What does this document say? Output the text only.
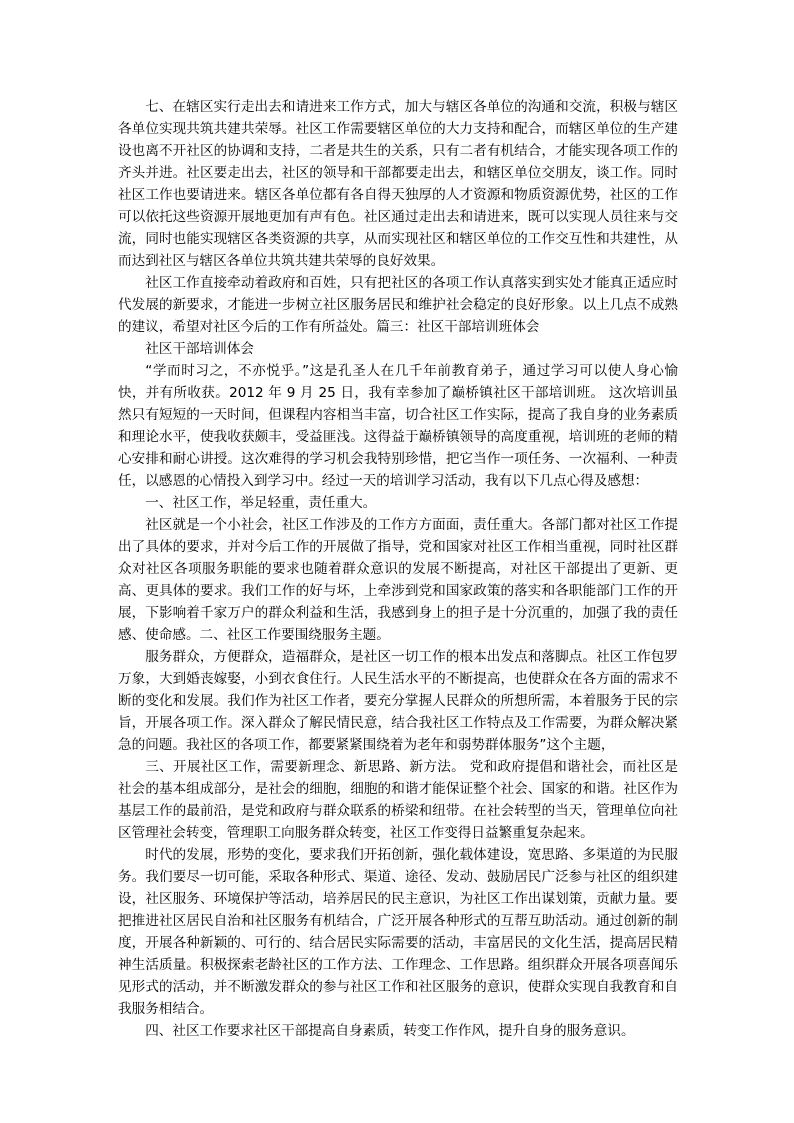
七、在辖区实行走出去和请进来工作方式，加大与辖区各单位的沟通和交流，积极与辖区各单位实现共筑共建共荣辱。社区工作需要辖区单位的大力支持和配合，而辖区单位的生产建设也离不开社区的协调和支持，二者是共生的关系，只有二者有机结合，才能实现各项工作的齐头并进。社区要走出去，社区的领导和干部都要走出去，和辖区单位交朋友，谈工作。同时社区工作也要请进来。辖区各单位都有各自得天独厚的人才资源和物质资源优势，社区的工作可以依托这些资源开展地更加有声有色。社区通过走出去和请进来，既可以实现人员往来与交流，同时也能实现辖区各类资源的共享，从而实现社区和辖区单位的工作交互性和共建性，从而达到社区与辖区各单位共筑共建共荣辱的良好效果。

社区工作直接牵动着政府和百姓，只有把社区的各项工作认真落实到实处才能真正适应时代发展的新要求，才能进一步树立社区服务居民和维护社会稳定的良好形象。以上几点不成熟的建议，希望对社区今后的工作有所益处。篇三：社区干部培训班体会

社区干部培训体会

“学而时习之，不亦悦乎。”这是孔圣人在几千年前教育弟子，通过学习可以使人身心愉快，并有所收获。2012 年 9 月 25 日，我有幸参加了巅桥镇社区干部培训班。 这次培训虽然只有短短的一天时间，但课程内容相当丰富，切合社区工作实际，提高了我自身的业务素质和理论水平，使我收获颇丰，受益匪浅。这得益于巅桥镇领导的高度重视，培训班的老师的精心安排和耐心讲授。这次难得的学习机会我特别珍惜，把它当作一项任务、一次福利、一种责任，以感恩的心情投入到学习中。经过一天的培训学习活动，我有以下几点心得及感想：

一、社区工作，举足轻重，责任重大。

社区就是一个小社会，社区工作涉及的工作方方面面，责任重大。各部门都对社区工作提出了具体的要求，并对今后工作的开展做了指导，党和国家对社区工作相当重视，同时社区群众对社区各项服务职能的要求也随着群众意识的发展不断提高，对社区干部提出了更新、更高、更具体的要求。我们工作的好与坏，上牵涉到党和国家政策的落实和各职能部门工作的开展，下影响着千家万户的群众利益和生活，我感到身上的担子是十分沉重的，加强了我的责任感、使命感。二、社区工作要围绕服务主题。

服务群众，方便群众，造福群众，是社区一切工作的根本出发点和落脚点。社区工作包罗万象，大到婚丧嫁娶，小到衣食住行。人民生活水平的不断提高，也使群众在各方面的需求不断的变化和发展。我们作为社区工作者，要充分掌握人民群众的所想所需，本着服务于民的宗旨，开展各项工作。深入群众了解民情民意，结合我社区工作特点及工作需要，为群众解决紧急的问题。我社区的各项工作，都要紧紧围绕着为老年和弱势群体服务”这个主题，

三、开展社区工作，需要新理念、新思路、新方法。 党和政府提倡和谐社会，而社区是社会的基本组成部分，是社会的细胞，细胞的和谐才能保证整个社会、国家的和谐。社区作为基层工作的最前沿，是党和政府与群众联系的桥梁和纽带。在社会转型的当天，管理单位向社区管理社会转变，管理职工向服务群众转变，社区工作变得日益繁重复杂起来。

时代的发展，形势的变化，要求我们开拓创新，强化载体建设，宽思路、多渠道的为民服务。我们要尽一切可能，采取各种形式、渠道、途径、发动、鼓励居民广泛参与社区的组织建设，社区服务、环境保护等活动，培养居民的民主意识，为社区工作出谋划策，贡献力量。要把推进社区居民自治和社区服务有机结合，广泛开展各种形式的互帮互助活动。通过创新的制度，开展各种新颖的、可行的、结合居民实际需要的活动，丰富居民的文化生活，提高居民精神生活质量。积极探索老龄社区的工作方法、工作理念、工作思路。组织群众开展各项喜闻乐见形式的活动，并不断激发群众的参与社区工作和社区服务的意识，使群众实现自我教育和自我服务相结合。

四、社区工作要求社区干部提高自身素质，转变工作作风，提升自身的服务意识。
